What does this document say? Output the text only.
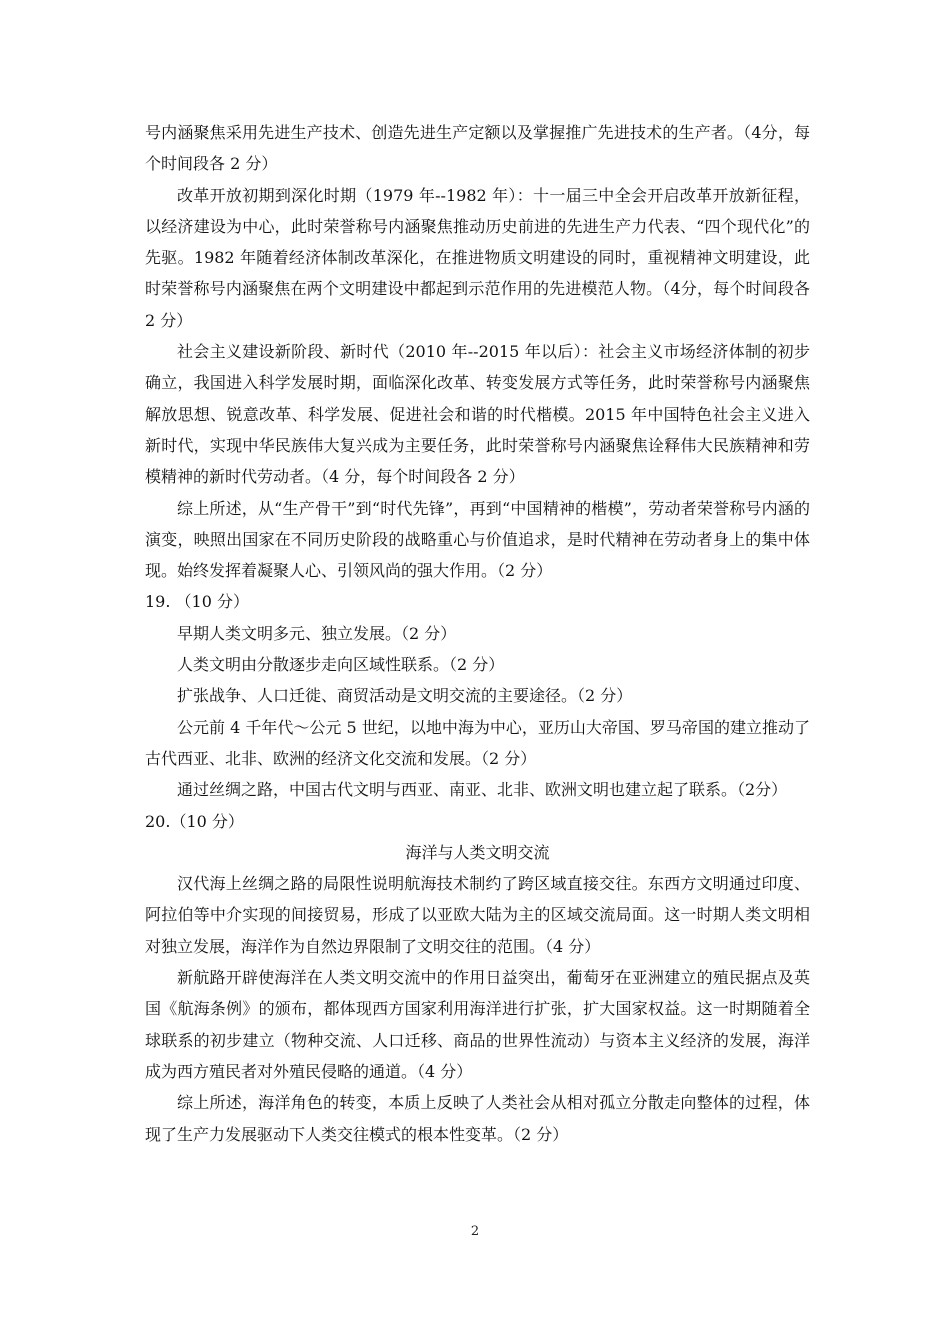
号内涵聚焦采用先进生产技术、创造先进生产定额以及掌握推广先进技术的生产者。（4分，每个时间段各 2 分）

改革开放初期到深化时期（1979 年--1982 年）：十一届三中全会开启改革开放新征程，以经济建设为中心，此时荣誉称号内涵聚焦推动历史前进的先进生产力代表、“四个现代化”的先驱。1982 年随着经济体制改革深化，在推进物质文明建设的同时，重视精神文明建设，此时荣誉称号内涵聚焦在两个文明建设中都起到示范作用的先进模范人物。（4分，每个时间段各 2 分）

社会主义建设新阶段、新时代（2010 年--2015 年以后）：社会主义市场经济体制的初步确立，我国进入科学发展时期，面临深化改革、转变发展方式等任务，此时荣誉称号内涵聚焦解放思想、锐意改革、科学发展、促进社会和谐的时代楷模。2015 年中国特色社会主义进入新时代，实现中华民族伟大复兴成为主要任务，此时荣誉称号内涵聚焦诠释伟大民族精神和劳模精神的新时代劳动者。（4 分，每个时间段各 2 分）

综上所述，从“生产骨干”到“时代先锋”，再到“中国精神的楷模”，劳动者荣誉称号内涵的演变，映照出国家在不同历史阶段的战略重心与价值追求，是时代精神在劳动者身上的集中体现。始终发挥着凝聚人心、引领风尚的强大作用。（2 分）

19. （10 分）

早期人类文明多元、独立发展。（2 分）

人类文明由分散逐步走向区域性联系。（2 分）

扩张战争、人口迁徙、商贸活动是文明交流的主要途径。（2 分）

公元前 4 千年代～公元 5 世纪，以地中海为中心，亚历山大帝国、罗马帝国的建立推动了古代西亚、北非、欧洲的经济文化交流和发展。（2 分）

通过丝绸之路，中国古代文明与西亚、南亚、北非、欧洲文明也建立起了联系。（2分）

20.（10 分）

海洋与人类文明交流

汉代海上丝绸之路的局限性说明航海技术制约了跨区域直接交往。东西方文明通过印度、阿拉伯等中介实现的间接贸易，形成了以亚欧大陆为主的区域交流局面。这一时期人类文明相对独立发展，海洋作为自然边界限制了文明交往的范围。（4 分）

新航路开辟使海洋在人类文明交流中的作用日益突出，葡萄牙在亚洲建立的殖民据点及英国《航海条例》的颁布，都体现西方国家利用海洋进行扩张，扩大国家权益。这一时期随着全球联系的初步建立（物种交流、人口迁移、商品的世界性流动）与资本主义经济的发展，海洋成为西方殖民者对外殖民侵略的通道。（4 分）

综上所述，海洋角色的转变，本质上反映了人类社会从相对孤立分散走向整体的过程，体现了生产力发展驱动下人类交往模式的根本性变革。（2 分）

2
